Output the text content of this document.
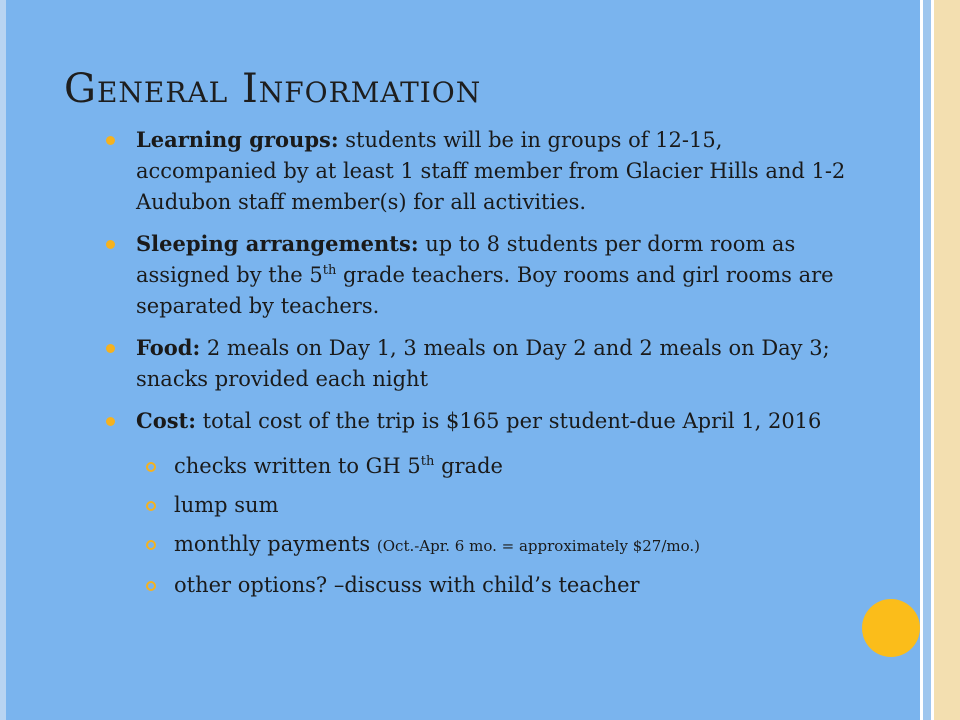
General Information
Learning groups: students will be in groups of 12-15, accompanied by at least 1 staff member from Glacier Hills and 1-2 Audubon staff member(s) for all activities.
Sleeping arrangements: up to 8 students per dorm room as assigned by the 5th grade teachers. Boy rooms and girl rooms are separated by teachers.
Food: 2 meals on Day 1, 3 meals on Day 2 and 2 meals on Day 3; snacks provided each night
Cost: total cost of the trip is $165 per student-due April 1, 2016
checks written to GH 5th grade
lump sum
monthly payments (Oct.-Apr. 6 mo. = approximately $27/mo.)
other options? –discuss with child’s teacher
